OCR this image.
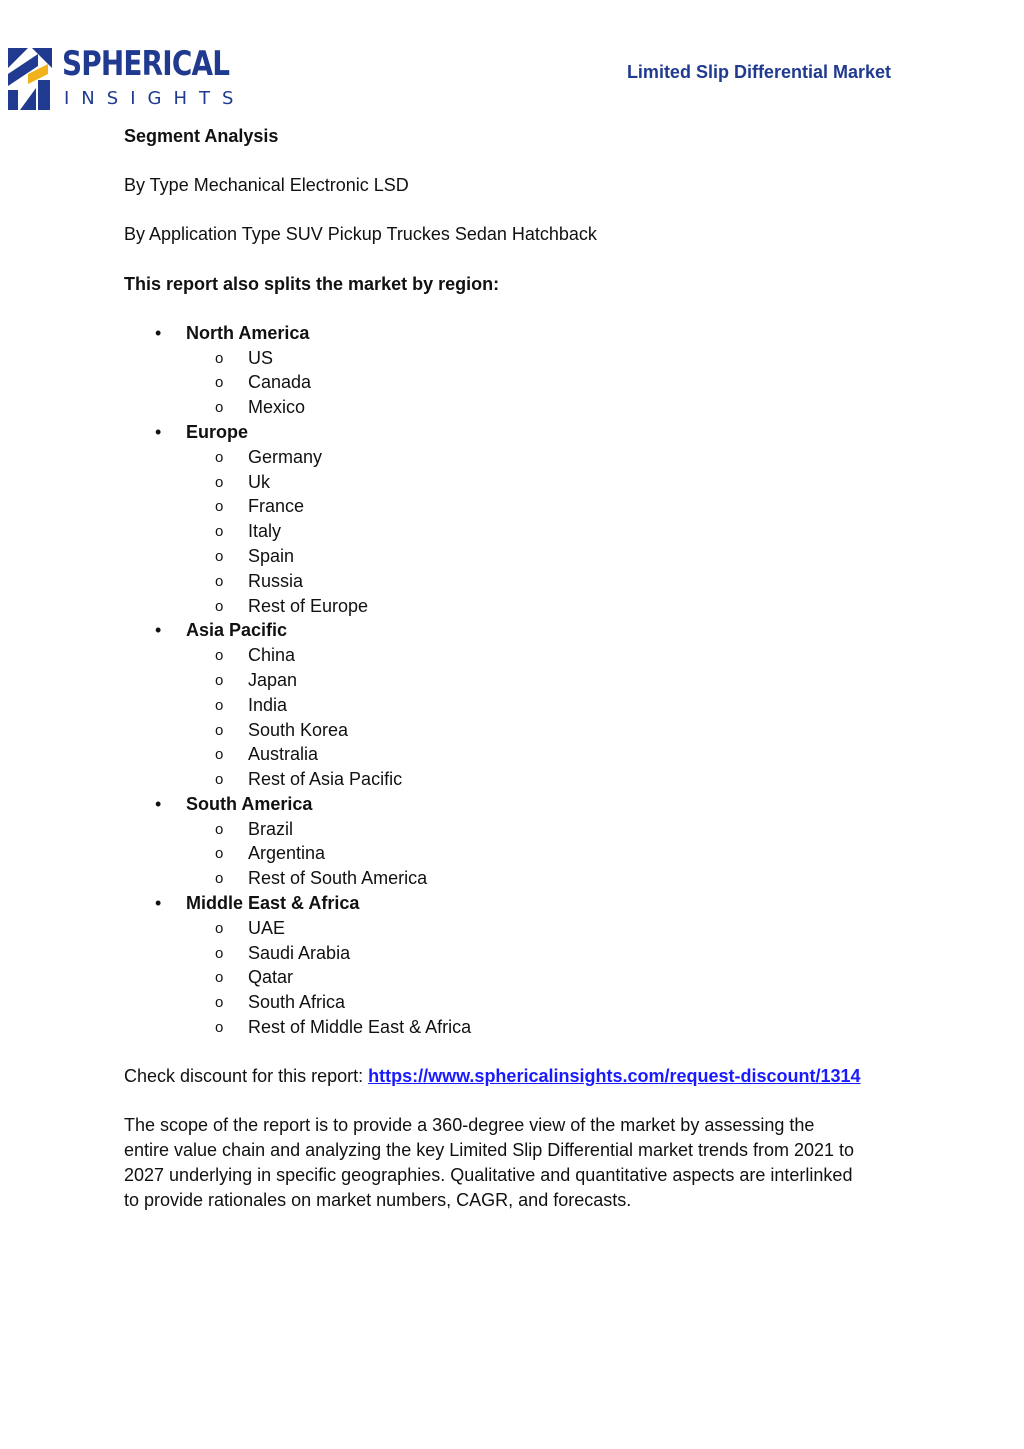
SPHERICAL
INSIGHTS
Limited Slip Differential Market

Segment Analysis

By Type Mechanical Electronic LSD

By Application Type SUV Pickup Truckes Sedan Hatchback

This report also splits the market by region:

• North America
o US
o Canada
o Mexico
• Europe
o Germany
o Uk
o France
o Italy
o Spain
o Russia
o Rest of Europe
• Asia Pacific
o China
o Japan
o India
o South Korea
o Australia
o Rest of Asia Pacific
• South America
o Brazil
o Argentina
o Rest of South America
• Middle East & Africa
o UAE
o Saudi Arabia
o Qatar
o South Africa
o Rest of Middle East & Africa

Check discount for this report: https://www.sphericalinsights.com/request-discount/1314

The scope of the report is to provide a 360-degree view of the market by assessing the
entire value chain and analyzing the key Limited Slip Differential market trends from 2021 to
2027 underlying in specific geographies. Qualitative and quantitative aspects are interlinked
to provide rationales on market numbers, CAGR, and forecasts.
